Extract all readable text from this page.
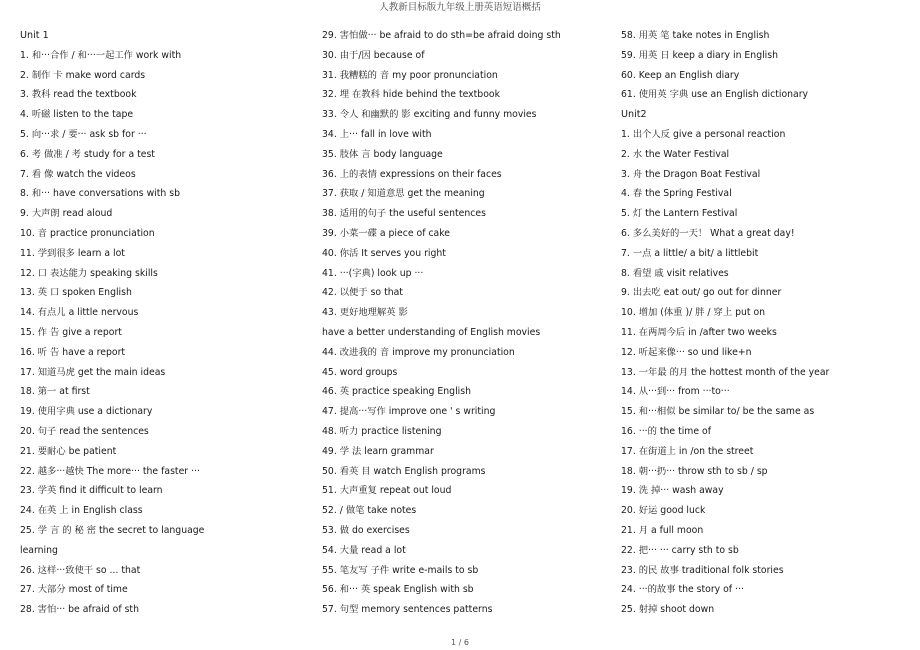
人教新目标版九年级上册英语短语概括
Unit 1
1. 和···合作 / 和···一起工作 work with
2. 制作 卡 make word cards
3. 教科 read the textbook
4. 听磁 listen to the tape
5. 向···求 / 要··· ask sb for ···
6. 考 做准 / 考 study for a test
7. 看 像 watch the videos
8. 和··· have conversations with sb
9. 大声朗 read aloud
10. 音 practice pronunciation
11. 学到很多 learn a lot
12. 口 表达能力 speaking skills
13. 英 口 spoken English
14. 有点儿 a little nervous
15. 作 告 give a report
16. 听 告 have a report
17. 知道马虎 get the main ideas
18. 第一 at first
19. 使用字典 use a dictionary
20. 句子 read the sentences
21. 要耐心 be patient
22. 越多···越快 The more··· the faster ···
23. 学英 find it difficult to learn
24. 在英 上 in English class
25. 学 言 的 秘 密 the secret to language
learning
26. 这样···致使干 so ... that
27. 大部分 most of time
28. 害怕··· be afraid of sth
29. 害怕做··· be afraid to do sth=be afraid doing sth
30. 由于/因 because of
31. 我糟糕的 音 my poor pronunciation
32. 埋 在教科 hide behind the textbook
33. 令人 和幽默的 影 exciting and funny movies
34. 上··· fall in love with
35. 肢体 言 body language
36. 上的表情 expressions on their faces
37. 获取 / 知道意思 get the meaning
38. 适用的句子 the useful sentences
39. 小菜一碟 a piece of cake
40. 你活 It serves you right
41. ···(字典) look up ···
42. 以便于 so that
43. 更好地理解英 影
have a better understanding of English movies
44. 改进我的 音 improve my pronunciation
45. word groups
46. 英 practice speaking English
47. 提高···写作 improve one ' s writing
48. 听力 practice listening
49. 学 法 learn grammar
50. 看英 目 watch English programs
51. 大声重复 repeat out loud
52. / 做笔 take notes
53. 做 do exercises
54. 大量 read a lot
55. 笔友写 子件 write e-mails to sb
56. 和··· 英 speak English with sb
57. 句型 memory sentences patterns
58. 用英 笔 take notes in English
59. 用英 日 keep a diary in English
60. Keep an English diary
61. 使用英 字典 use an English dictionary
Unit2
1. 出个人反 give a personal reaction
2. 水 the Water Festival
3. 舟 the Dragon Boat Festival
4. 春 the Spring Festival
5. 灯 the Lantern Festival
6. 多么美好的一天！ What a great day!
7. 一点 a little/ a bit/ a littlebit
8. 看望 戚 visit relatives
9. 出去吃 eat out/ go out for dinner
10. 增加 (体重 )/ 胖 / 穿上 put on
11. 在两周今后 in /after two weeks
12. 听起来像··· so und like+n
13. 一年最 的月 the hottest month of the year
14. 从···到··· from ···to···
15. 和···相似 be similar to/ be the same as
16. ···的 the time of
17. 在街道上 in /on the street
18. 朝···扔··· throw sth to sb / sp
19. 洗 掉··· wash away
20. 好运 good luck
21. 月 a full moon
22. 把··· ··· carry sth to sb
23. 的民 故事 traditional folk stories
24. ···的故事 the story of ···
25. 射掉 shoot down
1 / 6
